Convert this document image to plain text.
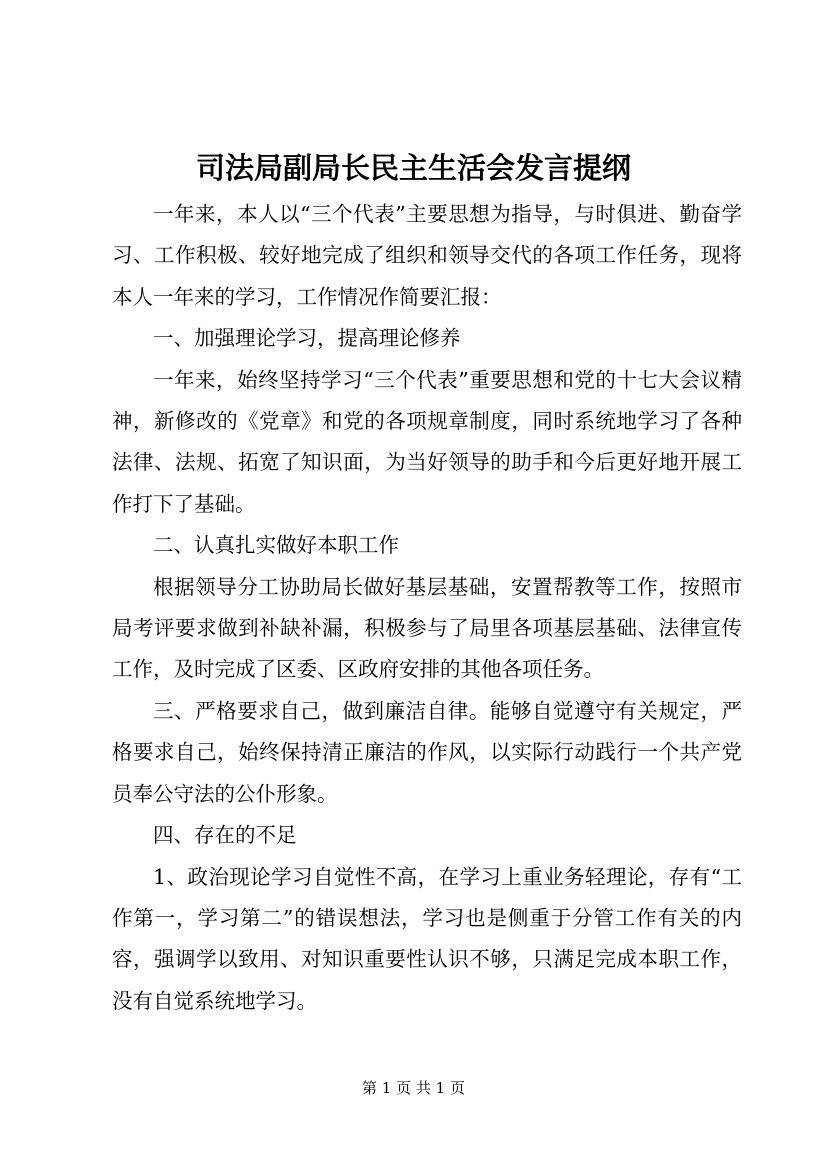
司法局副局长民主生活会发言提纲

一年来，本人以“三个代表”主要思想为指导，与时俱进、勤奋学习、工作积极、较好地完成了组织和领导交代的各项工作任务，现将本人一年来的学习，工作情况作简要汇报：

一、加强理论学习，提高理论修养

一年来，始终坚持学习“三个代表”重要思想和党的十七大会议精神，新修改的《党章》和党的各项规章制度，同时系统地学习了各种法律、法规、拓宽了知识面，为当好领导的助手和今后更好地开展工作打下了基础。

二、认真扎实做好本职工作

根据领导分工协助局长做好基层基础，安置帮教等工作，按照市局考评要求做到补缺补漏，积极参与了局里各项基层基础、法律宣传工作，及时完成了区委、区政府安排的其他各项任务。

三、严格要求自己，做到廉洁自律。能够自觉遵守有关规定，严格要求自己，始终保持清正廉洁的作风，以实际行动践行一个共产党员奉公守法的公仆形象。

四、存在的不足

1、政治现论学习自觉性不高，在学习上重业务轻理论，存有“工作第一，学习第二”的错误想法，学习也是侧重于分管工作有关的内容，强调学以致用、对知识重要性认识不够，只满足完成本职工作，没有自觉系统地学习。

第 1 页 共 1 页
